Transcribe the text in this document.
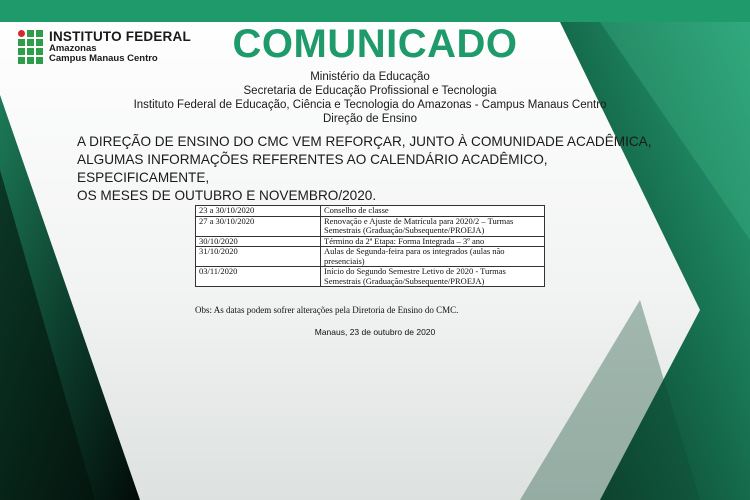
INSTITUTO FEDERAL
Amazonas
Campus Manaus Centro	COMUNICADO
Ministério da Educação
Secretaria de Educação Profissional e Tecnologia
Instituto Federal de Educação, Ciência e Tecnologia do Amazonas - Campus Manaus Centro
Direção de Ensino
A DIREÇÃO DE ENSINO DO CMC VEM REFORÇAR, JUNTO À COMUNIDADE ACADÊMICA,
ALGUMAS INFORMAÇÕES REFERENTES AO CALENDÁRIO ACADÊMICO, ESPECIFICAMENTE,
OS MESES DE OUTUBRO E NOVEMBRO/2020.
23 a 30/10/2020	Conselho de classe
27 a 30/10/2020	Renovação e Ajuste de Matrícula para 2020/2 – Turmas Semestrais (Graduação/Subsequente/PROEJA)
30/10/2020	Término da 2ª Etapa: Forma Integrada – 3º ano
31/10/2020	Aulas de Segunda-feira para os integrados (aulas não presenciais)
03/11/2020	Início do Segundo Semestre Letivo de 2020 - Turmas Semestrais (Graduação/Subsequente/PROEJA)
Obs: As datas podem sofrer alterações pela Diretoria de Ensino do CMC.
Manaus, 23 de outubro de 2020
